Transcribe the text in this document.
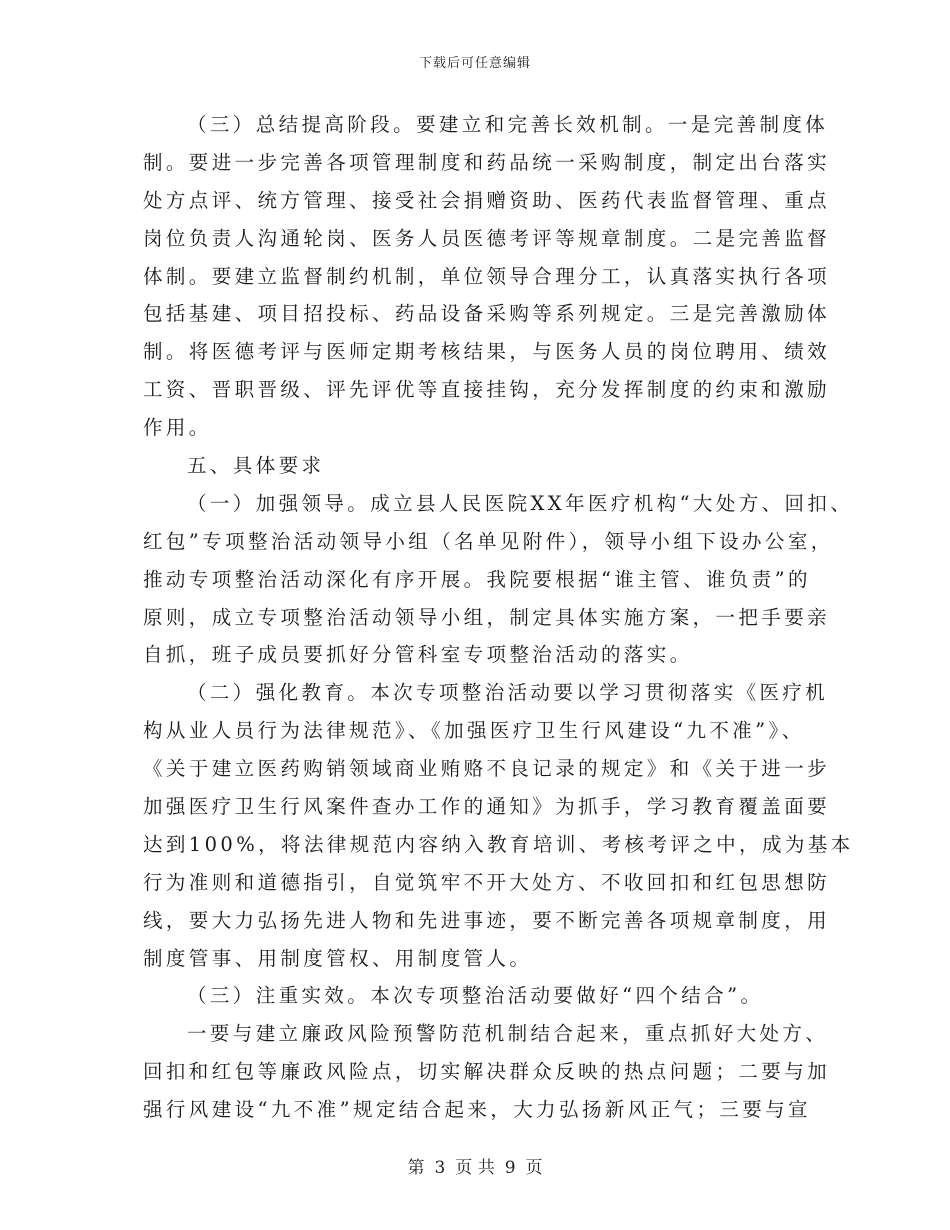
下载后可任意编辑
（三）总结提高阶段。要建立和完善长效机制。一是完善制度体
制。要进一步完善各项管理制度和药品统一采购制度，制定出台落实
处方点评、统方管理、接受社会捐赠资助、医药代表监督管理、重点
岗位负责人沟通轮岗、医务人员医德考评等规章制度。二是完善监督
体制。要建立监督制约机制，单位领导合理分工，认真落实执行各项
包括基建、项目招投标、药品设备采购等系列规定。三是完善激励体
制。将医德考评与医师定期考核结果，与医务人员的岗位聘用、绩效
工资、晋职晋级、评先评优等直接挂钩，充分发挥制度的约束和激励
作用。
五、具体要求
（一）加强领导。成立县人民医院XX年医疗机构“大处方、回扣、
红包”专项整治活动领导小组（名单见附件），领导小组下设办公室，
推动专项整治活动深化有序开展。我院要根据“谁主管、谁负责”的
原则，成立专项整治活动领导小组，制定具体实施方案，一把手要亲
自抓，班子成员要抓好分管科室专项整治活动的落实。
（二）强化教育。本次专项整治活动要以学习贯彻落实《医疗机
构从业人员行为法律规范》、《加强医疗卫生行风建设“九不准”》、
《关于建立医药购销领域商业贿赂不良记录的规定》和《关于进一步
加强医疗卫生行风案件查办工作的通知》为抓手，学习教育覆盖面要
达到100%，将法律规范内容纳入教育培训、考核考评之中，成为基本
行为准则和道德指引，自觉筑牢不开大处方、不收回扣和红包思想防
线，要大力弘扬先进人物和先进事迹，要不断完善各项规章制度，用
制度管事、用制度管权、用制度管人。
（三）注重实效。本次专项整治活动要做好“四个结合”。
一要与建立廉政风险预警防范机制结合起来，重点抓好大处方、
回扣和红包等廉政风险点，切实解决群众反映的热点问题；二要与加
强行风建设“九不准”规定结合起来，大力弘扬新风正气；三要与宣
第 3 页 共 9 页
